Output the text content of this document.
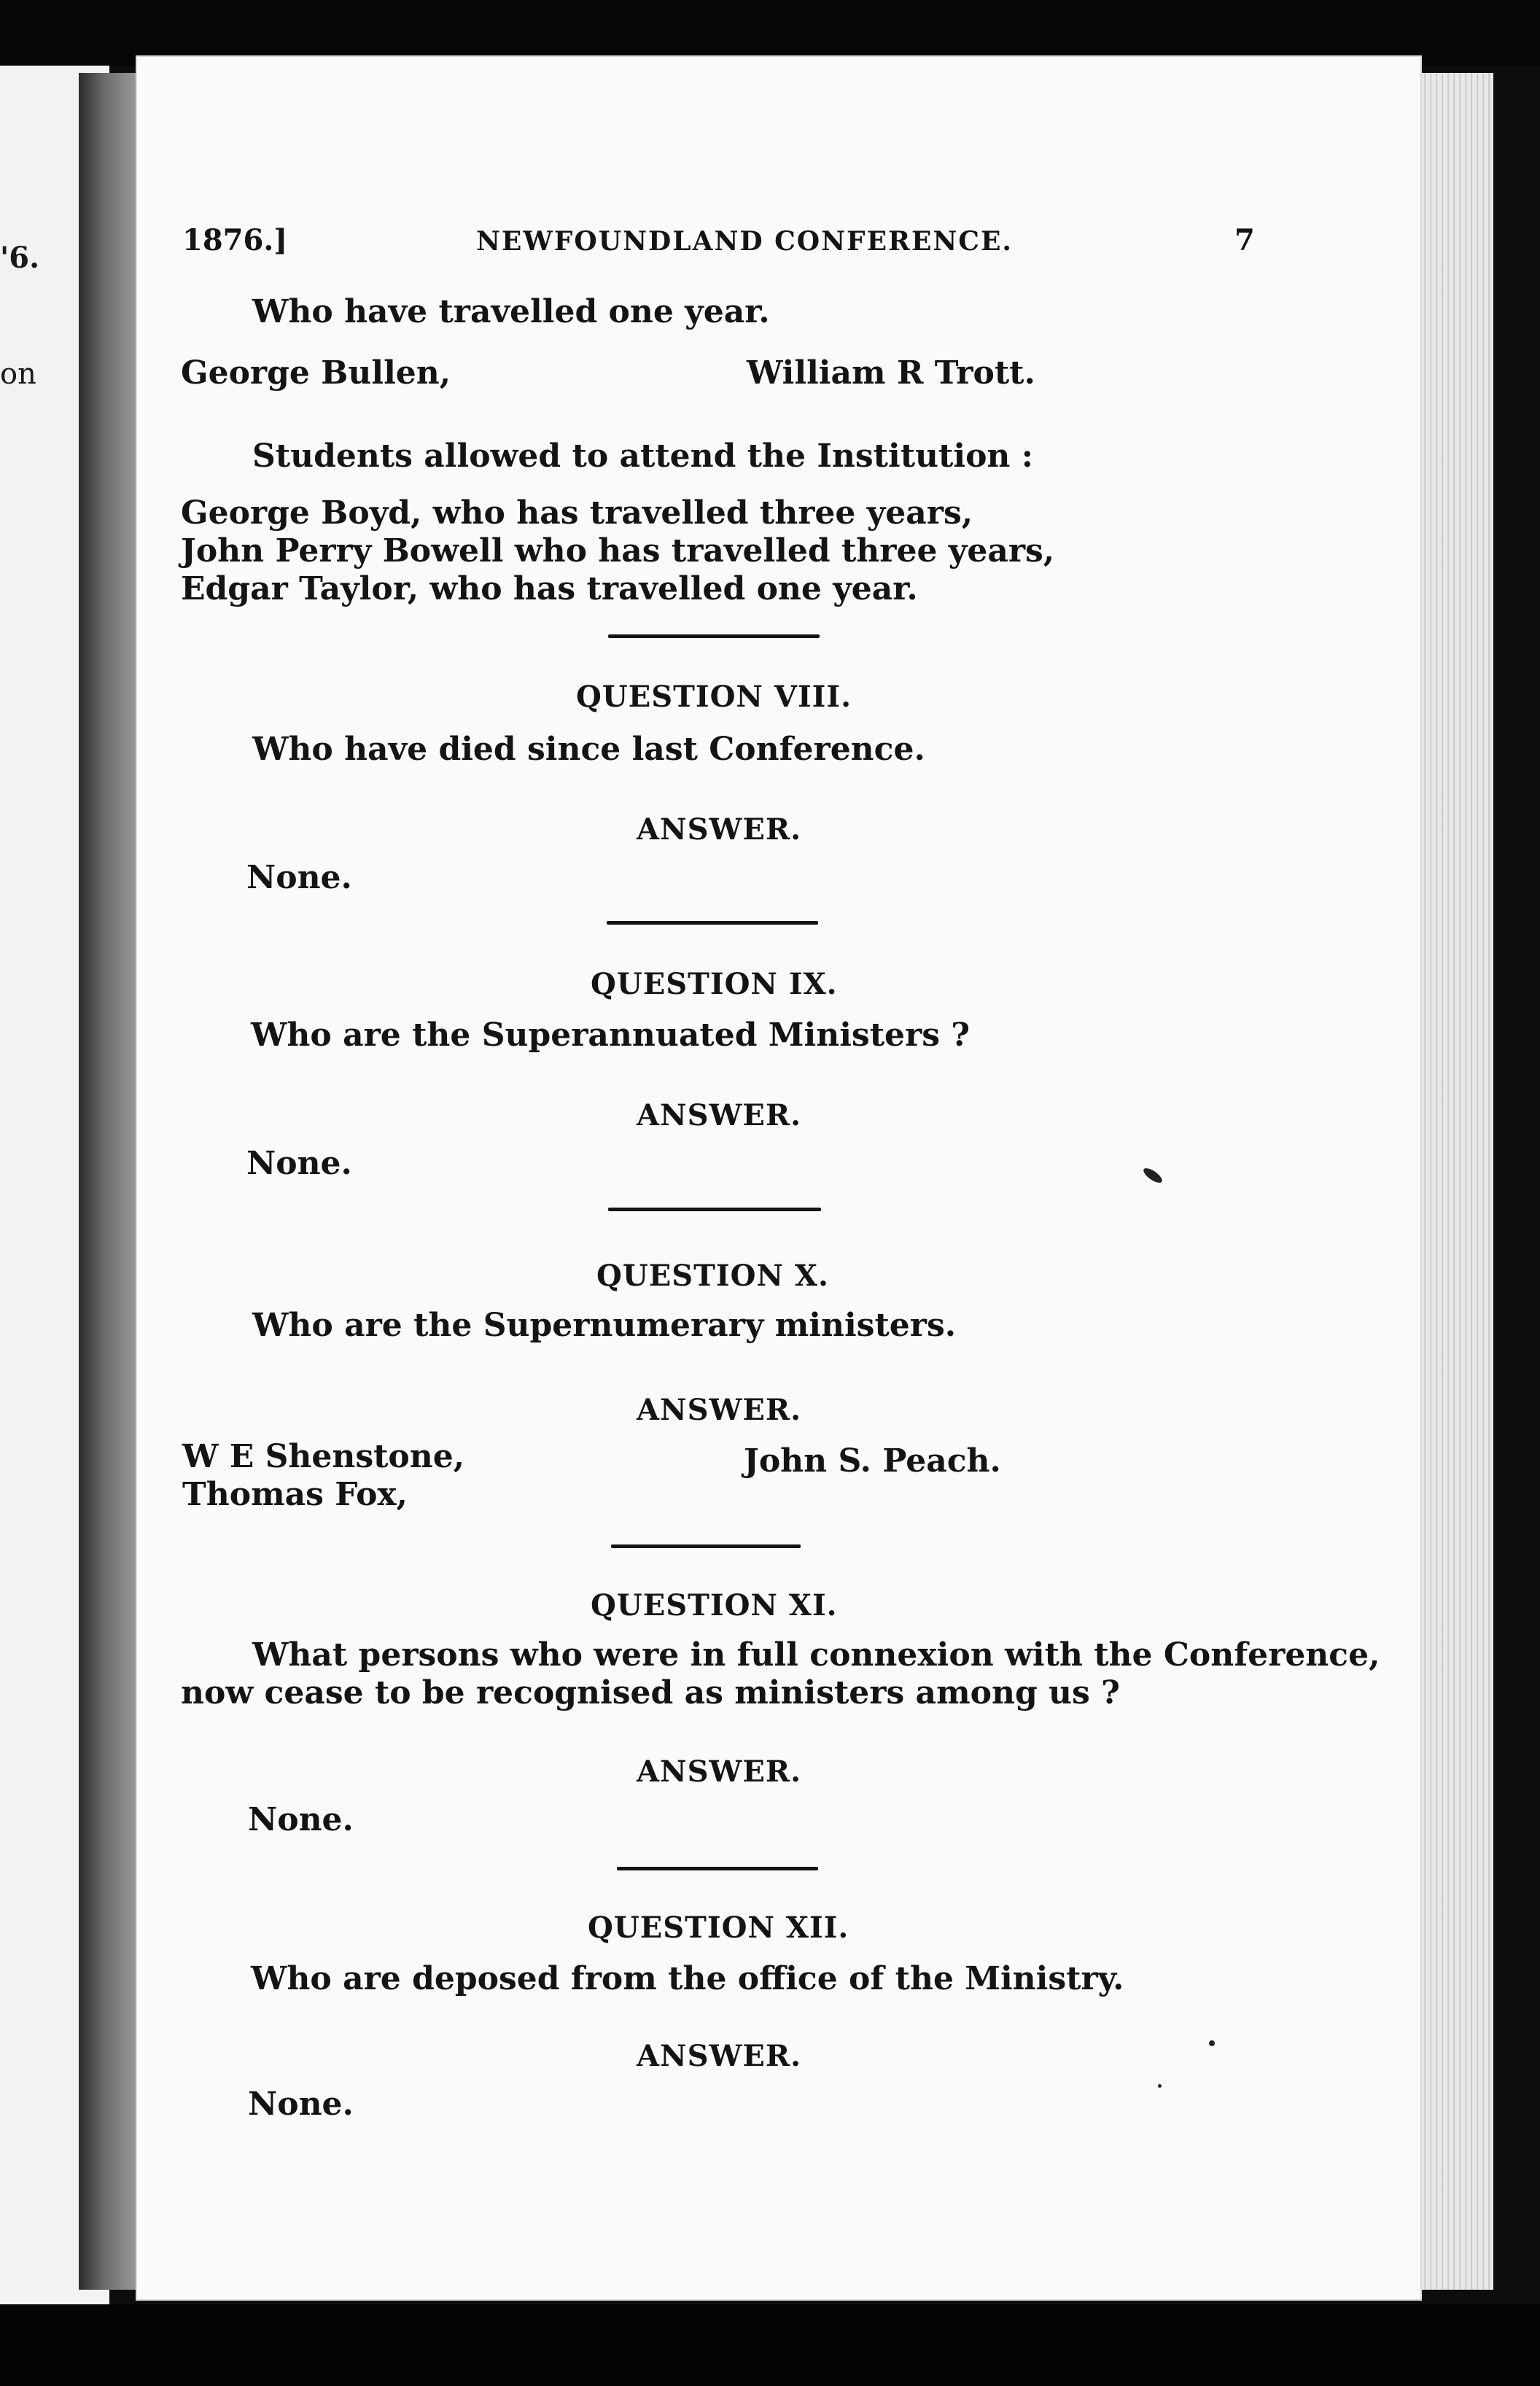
'6.
on
1876.]	NEWFOUNDLAND CONFERENCE.	7
Who have travelled one year.
George Bullen,	William R Trott.
Students allowed to attend the Institution :
George Boyd, who has travelled three years,
John Perry Bowell who has travelled three years,
Edgar Taylor, who has travelled one year.
QUESTION VIII.
Who have died since last Conference.
ANSWER.
None.
QUESTION IX.
Who are the Superannuated Ministers ?
ANSWER.
None.
QUESTION X.
Who are the Supernumerary ministers.
ANSWER.
W E Shenstone,	John S. Peach.
Thomas Fox,
QUESTION XI.
What persons who were in full connexion with the Conference,
now cease to be recognised as ministers among us ?
ANSWER.
None.
QUESTION XII.
Who are deposed from the office of the Ministry.
ANSWER.
None.
